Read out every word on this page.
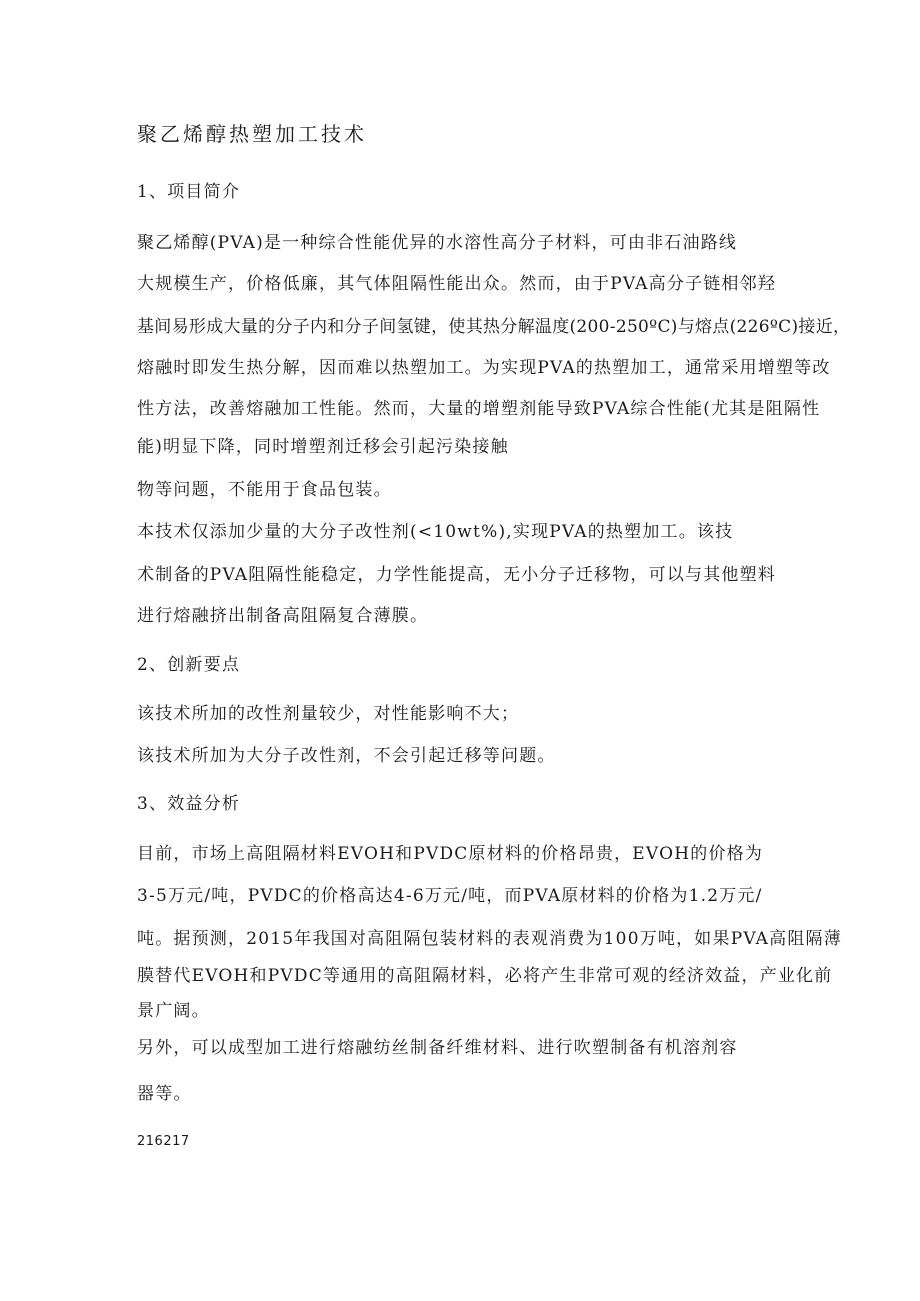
聚乙烯醇热塑加工技术
1、项目简介
聚乙烯醇(PVA)是一种综合性能优异的水溶性高分子材料，可由非石油路线
大规模生产，价格低廉，其气体阻隔性能出众。然而，由于PVA高分子链相邻羟
基间易形成大量的分子内和分子间氢键，使其热分解温度(200-250ºC)与熔点(226ºC)接近，
熔融时即发生热分解，因而难以热塑加工。为实现PVA的热塑加工，通常采用增塑等改
性方法，改善熔融加工性能。然而，大量的增塑剂能导致PVA综合性能(尤其是阻隔性
能)明显下降，同时增塑剂迁移会引起污染接触
物等问题，不能用于食品包装。
本技术仅添加少量的大分子改性剂(<10wt%),实现PVA的热塑加工。该技
术制备的PVA阻隔性能稳定，力学性能提高，无小分子迁移物，可以与其他塑料
进行熔融挤出制备高阻隔复合薄膜。
2、创新要点
该技术所加的改性剂量较少，对性能影响不大；
该技术所加为大分子改性剂，不会引起迁移等问题。
3、效益分析
目前，市场上高阻隔材料EVOH和PVDC原材料的价格昂贵，EVOH的价格为
3-5万元/吨，PVDC的价格高达4-6万元/吨，而PVA原材料的价格为1.2万元/
吨。据预测，2015年我国对高阻隔包装材料的表观消费为100万吨，如果PVA高阻隔薄
膜替代EVOH和PVDC等通用的高阻隔材料，必将产生非常可观的经济效益，产业化前
景广阔。
另外，可以成型加工进行熔融纺丝制备纤维材料、进行吹塑制备有机溶剂容
器等。
216217
